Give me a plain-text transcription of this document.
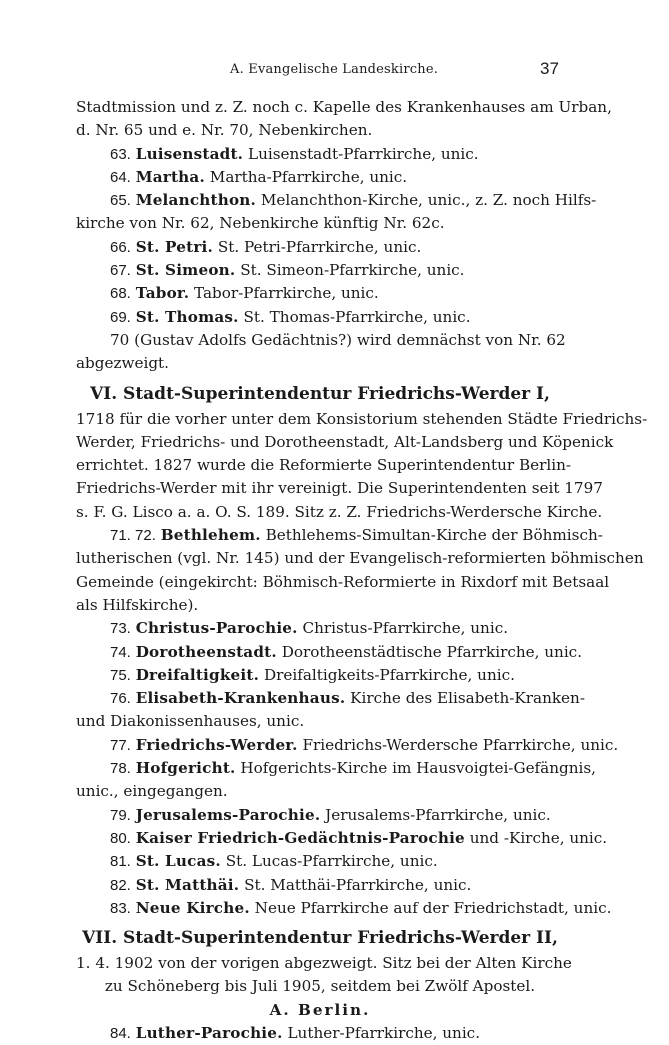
A. Evangelische Landeskirche.	37
Stadtmission und z. Z. noch c. Kapelle des Krankenhauses am Urban,
d. Nr. 65 und e. Nr. 70, Nebenkirchen.
63. Luisenstadt. Luisenstadt-Pfarrkirche, unic.
64. Martha. Martha-Pfarrkirche, unic.
65. Melanchthon. Melanchthon-Kirche, unic., z. Z. noch Hilfs-
kirche von Nr. 62, Nebenkirche künftig Nr. 62c.
66. St. Petri. St. Petri-Pfarrkirche, unic.
67. St. Simeon. St. Simeon-Pfarrkirche, unic.
68. Tabor. Tabor-Pfarrkirche, unic.
69. St. Thomas. St. Thomas-Pfarrkirche, unic.
70 (Gustav Adolfs Gedächtnis?) wird demnächst von Nr. 62
abgezweigt.
VI. Stadt-Superintendentur Friedrichs-Werder I,
1718 für die vorher unter dem Konsistorium stehenden Städte Friedrichs-
Werder, Friedrichs- und Dorotheenstadt, Alt-Landsberg und Köpenick
errichtet. 1827 wurde die Reformierte Superintendentur Berlin-
Friedrichs-Werder mit ihr vereinigt. Die Superintendenten seit 1797
s. F. G. Lisco a. a. O. S. 189. Sitz z. Z. Friedrichs-Werdersche Kirche.
71. 72. Bethlehem. Bethlehems-Simultan-Kirche der Böhmisch-
lutherischen (vgl. Nr. 145) und der Evangelisch-reformierten böhmischen
Gemeinde (eingekircht: Böhmisch-Reformierte in Rixdorf mit Betsaal
als Hilfskirche).
73. Christus-Parochie. Christus-Pfarrkirche, unic.
74. Dorotheenstadt. Dorotheenstädtische Pfarrkirche, unic.
75. Dreifaltigkeit. Dreifaltigkeits-Pfarrkirche, unic.
76. Elisabeth-Krankenhaus. Kirche des Elisabeth-Kranken-
und Diakonissenhauses, unic.
77. Friedrichs-Werder. Friedrichs-Werdersche Pfarrkirche, unic.
78. Hofgericht. Hofgerichts-Kirche im Hausvoigtei-Gefängnis,
unic., eingegangen.
79. Jerusalems-Parochie. Jerusalems-Pfarrkirche, unic.
80. Kaiser Friedrich-Gedächtnis-Parochie und -Kirche, unic.
81. St. Lucas. St. Lucas-Pfarrkirche, unic.
82. St. Matthäi. St. Matthäi-Pfarrkirche, unic.
83. Neue Kirche. Neue Pfarrkirche auf der Friedrichstadt, unic.
VII. Stadt-Superintendentur Friedrichs-Werder II,
1. 4. 1902 von der vorigen abgezweigt. Sitz bei der Alten Kirche
zu Schöneberg bis Juli 1905, seitdem bei Zwölf Apostel.
A. Berlin.
84. Luther-Parochie. Luther-Pfarrkirche, unic.
